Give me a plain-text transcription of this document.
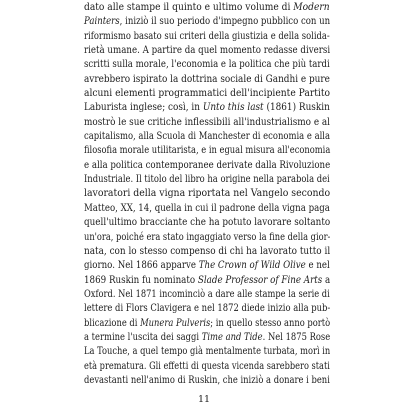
dato alle stampe il quinto e ultimo volume di Modern
Painters, iniziò il suo periodo d'impegno pubblico con un
riformismo basato sui criteri della giustizia e della solida-
rietà umane. A partire da quel momento redasse diversi
scritti sulla morale, l'economia e la politica che più tardi
avrebbero ispirato la dottrina sociale di Gandhi e pure
alcuni elementi programmatici dell'incipiente Partito
Laburista inglese; così, in Unto this last (1861) Ruskin
mostrò le sue critiche inflessibili all'industrialismo e al
capitalismo, alla Scuola di Manchester di economia e alla
filosofia morale utilitarista, e in egual misura all'economia
e alla politica contemporanee derivate dalla Rivoluzione
Industriale. Il titolo del libro ha origine nella parabola dei
lavoratori della vigna riportata nel Vangelo secondo
Matteo, XX, 14, quella in cui il padrone della vigna paga
quell'ultimo bracciante che ha potuto lavorare soltanto
un'ora, poiché era stato ingaggiato verso la fine della gior-
nata, con lo stesso compenso di chi ha lavorato tutto il
giorno. Nel 1866 apparve The Crown of Wild Olive e nel
1869 Ruskin fu nominato Slade Professor of Fine Arts a
Oxford. Nel 1871 incominciò a dare alle stampe la serie di
lettere di Flors Clavigera e nel 1872 diede inizio alla pub-
blicazione di Munera Pulveris; in quello stesso anno portò
a termine l'uscita dei saggi Time and Tide. Nel 1875 Rose
La Touche, a quel tempo già mentalmente turbata, morì in
età prematura. Gli effetti di questa vicenda sarebbero stati
devastanti nell'animo di Ruskin, che iniziò a donare i beni
11
